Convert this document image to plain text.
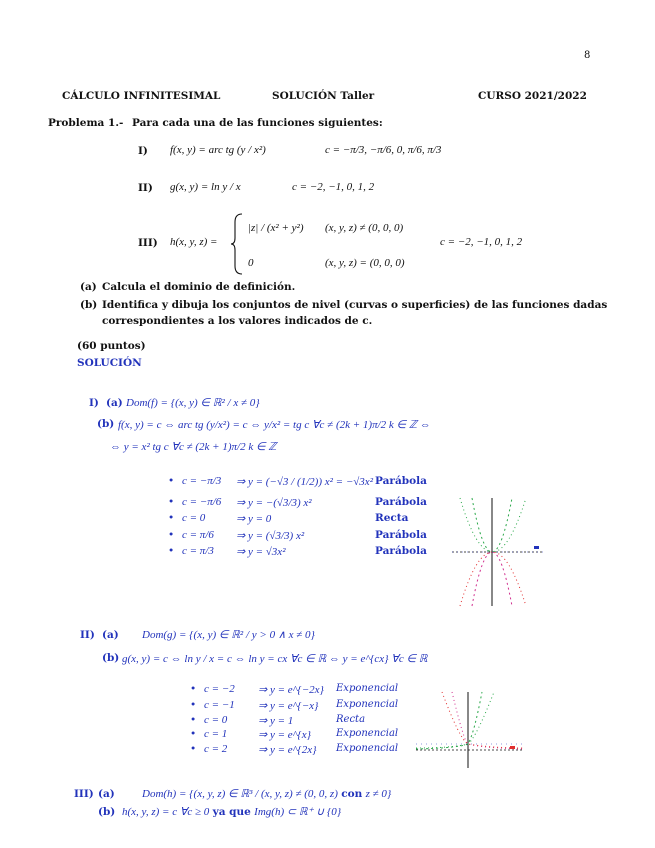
8
CÁLCULO INFINITESIMAL	SOLUCIÓN Taller	CURSO 2021/2022
Problema 1.- Para cada una de las funciones siguientes:
I) f(x, y) = arc tg (y / x²)	c = −π/3, −π/6, 0, π/6, π/3
II) g(x, y) = ln y / x	c = −2, −1, 0, 1, 2
III) h(x, y, z) =
|z| / (x² + y²) (x, y, z) ≠ (0, 0, 0)
0	(x, y, z) = (0, 0, 0)
c = −2, −1, 0, 1, 2
(a) Calcula el dominio de definición.
(b) Identifica y dibuja los conjuntos de nivel (curvas o superficies) de las funciones dadas
correspondientes a los valores indicados de c.
(60 puntos)
SOLUCIÓN
I) (a) Dom(f) = {(x, y) ∈ ℝ² / x ≠ 0}
(b) f(x, y) = c ⇔ arc tg (y/x²) = c ⇔ y/x² = tg c ∀c ≠ (2k + 1)π/2 k ∈ ℤ ⇔
⇔ y = x² tg c ∀c ≠ (2k + 1)π/2 k ∈ ℤ
• c = −π/3 ⇒ y = (−√3 / (1/2)) x² = −√3x² Parábola
• c = −π/6 ⇒ y = −(√3/3) x²	Parábola
• c = 0	⇒ y = 0	Recta
• c = π/6 ⇒ y = (√3/3) x²	Parábola
• c = π/3 ⇒ y = √3x²	Parábola
II) (a) Dom(g) = {(x, y) ∈ ℝ² / y > 0 ∧ x ≠ 0}
(b) g(x, y) = c ⇔ ln y / x = c ⇔ ln y = cx ∀c ∈ ℝ ⇔ y = e^{cx} ∀c ∈ ℝ
• c = −2 ⇒ y = e^{−2x} Exponencial
• c = −1 ⇒ y = e^{−x} Exponencial
• c = 0	⇒ y = 1	Recta
• c = 1	⇒ y = e^{x}	Exponencial
• c = 2	⇒ y = e^{2x} Exponencial
III) (a) Dom(h) = {(x, y, z) ∈ ℝ³ / (x, y, z) ≠ (0, 0, z) con z ≠ 0}
(b) h(x, y, z) = c ∀c ≥ 0 ya que Img(h) ⊂ ℝ⁺ ∪ {0}
